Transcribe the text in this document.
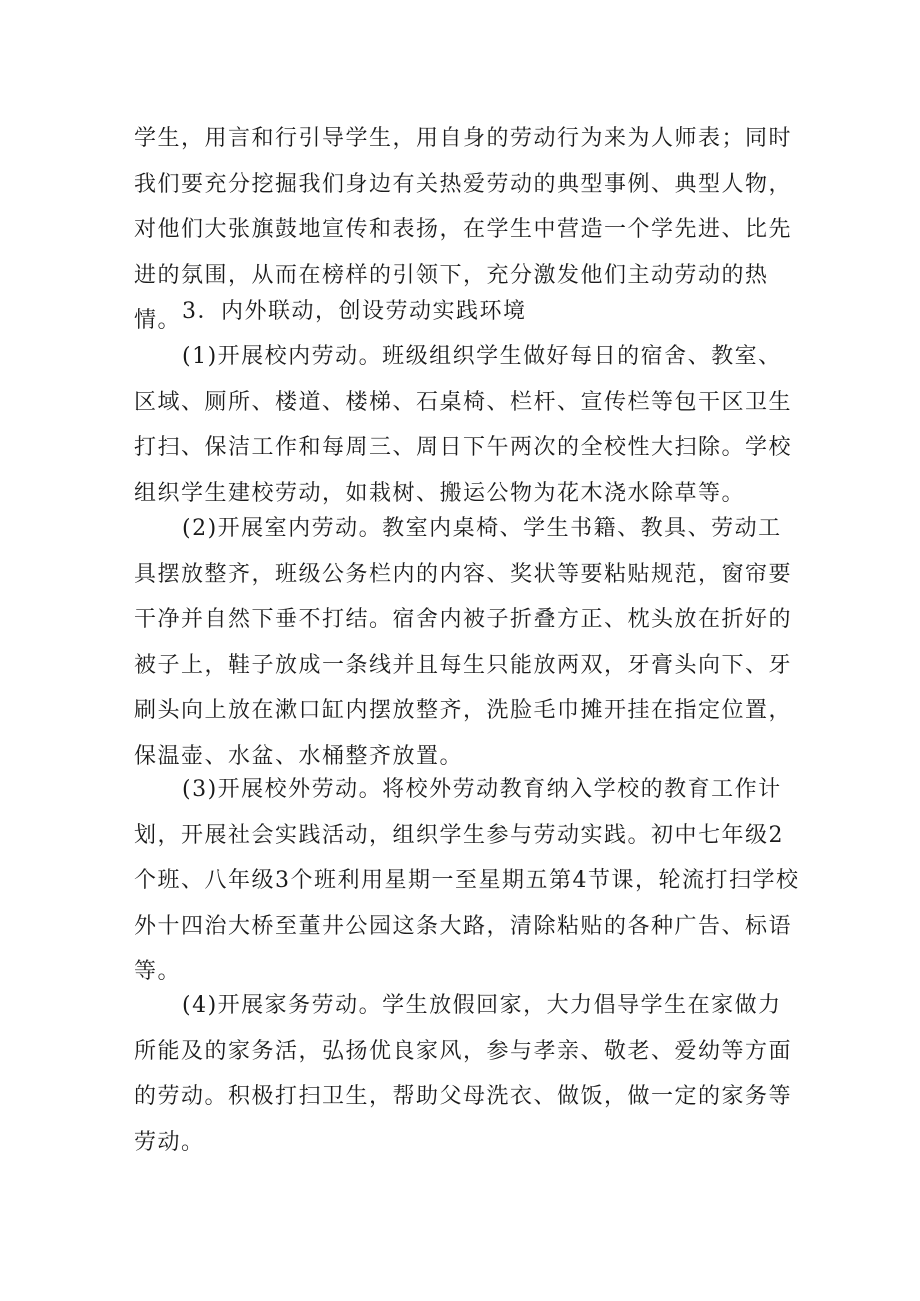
学生，用言和行引导学生，用自身的劳动行为来为人师表；同时我们要充分挖掘我们身边有关热爱劳动的典型事例、典型人物，对他们大张旗鼓地宣传和表扬，在学生中营造一个学先进、比先进的氛围，从而在榜样的引领下，充分激发他们主动劳动的热情。 3．内外联动，创设劳动实践环境

(1)开展校内劳动。班级组织学生做好每日的宿舍、教室、区域、厕所、楼道、楼梯、石桌椅、栏杆、宣传栏等包干区卫生打扫、保洁工作和每周三、周日下午两次的全校性大扫除。学校组织学生建校劳动，如栽树、搬运公物为花木浇水除草等。

(2)开展室内劳动。教室内桌椅、学生书籍、教具、劳动工具摆放整齐，班级公务栏内的内容、奖状等要粘贴规范，窗帘要干净并自然下垂不打结。宿舍内被子折叠方正、枕头放在折好的被子上，鞋子放成一条线并且每生只能放两双，牙膏头向下、牙刷头向上放在漱口缸内摆放整齐，洗脸毛巾摊开挂在指定位置，保温壶、水盆、水桶整齐放置。

(3)开展校外劳动。将校外劳动教育纳入学校的教育工作计划，开展社会实践活动，组织学生参与劳动实践。初中七年级2个班、八年级3个班利用星期一至星期五第4节课，轮流打扫学校外十四治大桥至董井公园这条大路，清除粘贴的各种广告、标语等。

(4)开展家务劳动。学生放假回家，大力倡导学生在家做力所能及的家务活，弘扬优良家风，参与孝亲、敬老、爱幼等方面的劳动。积极打扫卫生，帮助父母洗衣、做饭，做一定的家务等劳动。
